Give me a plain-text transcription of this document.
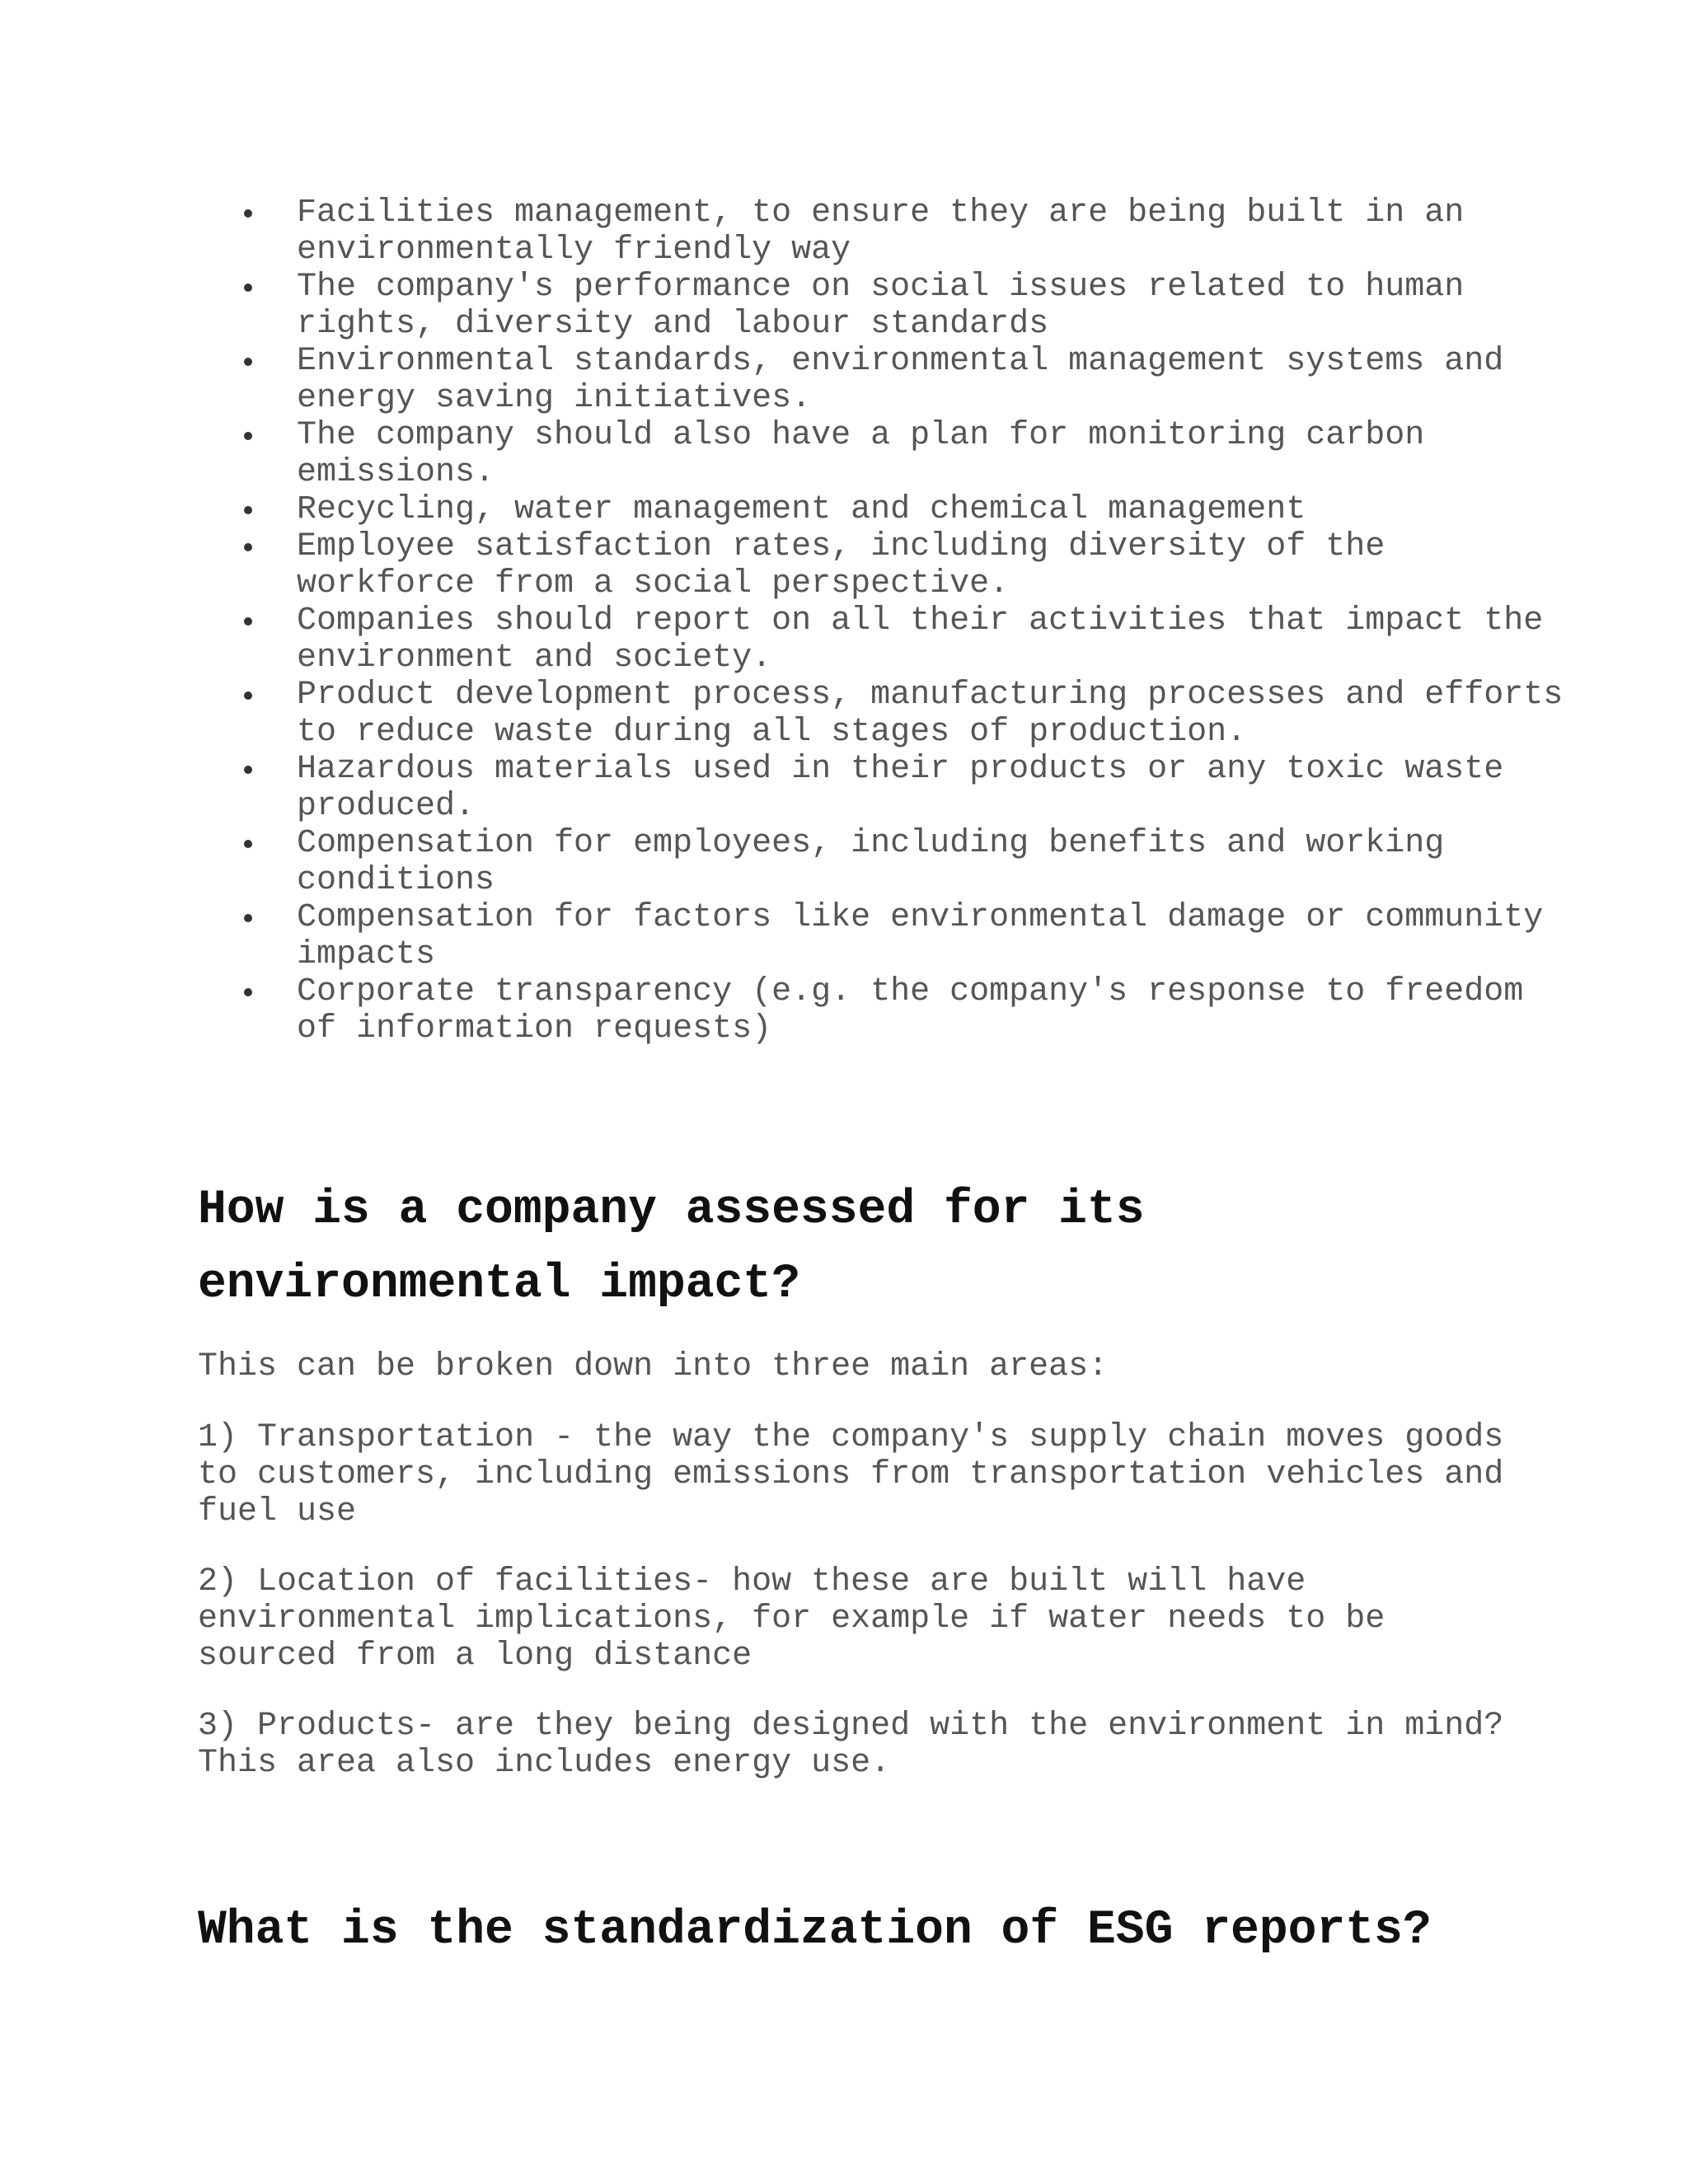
Facilities management, to ensure they are being built in an environmentally friendly way
The company's performance on social issues related to human rights, diversity and labour standards
Environmental standards, environmental management systems and energy saving initiatives.
The company should also have a plan for monitoring carbon emissions.
Recycling, water management and chemical management
Employee satisfaction rates, including diversity of the workforce from a social perspective.
Companies should report on all their activities that impact the environment and society.
Product development process, manufacturing processes and efforts to reduce waste during all stages of production.
Hazardous materials used in their products or any toxic waste produced.
Compensation for employees, including benefits and working conditions
Compensation for factors like environmental damage or community impacts
Corporate transparency (e.g. the company's response to freedom of information requests)
How is a company assessed for its environmental impact?

This can be broken down into three main areas:

1) Transportation - the way the company's supply chain moves goods to customers, including emissions from transportation vehicles and fuel use

2) Location of facilities- how these are built will have environmental implications, for example if water needs to be sourced from a long distance

3) Products- are they being designed with the environment in mind? This area also includes energy use.

What is the standardization of ESG reports?
